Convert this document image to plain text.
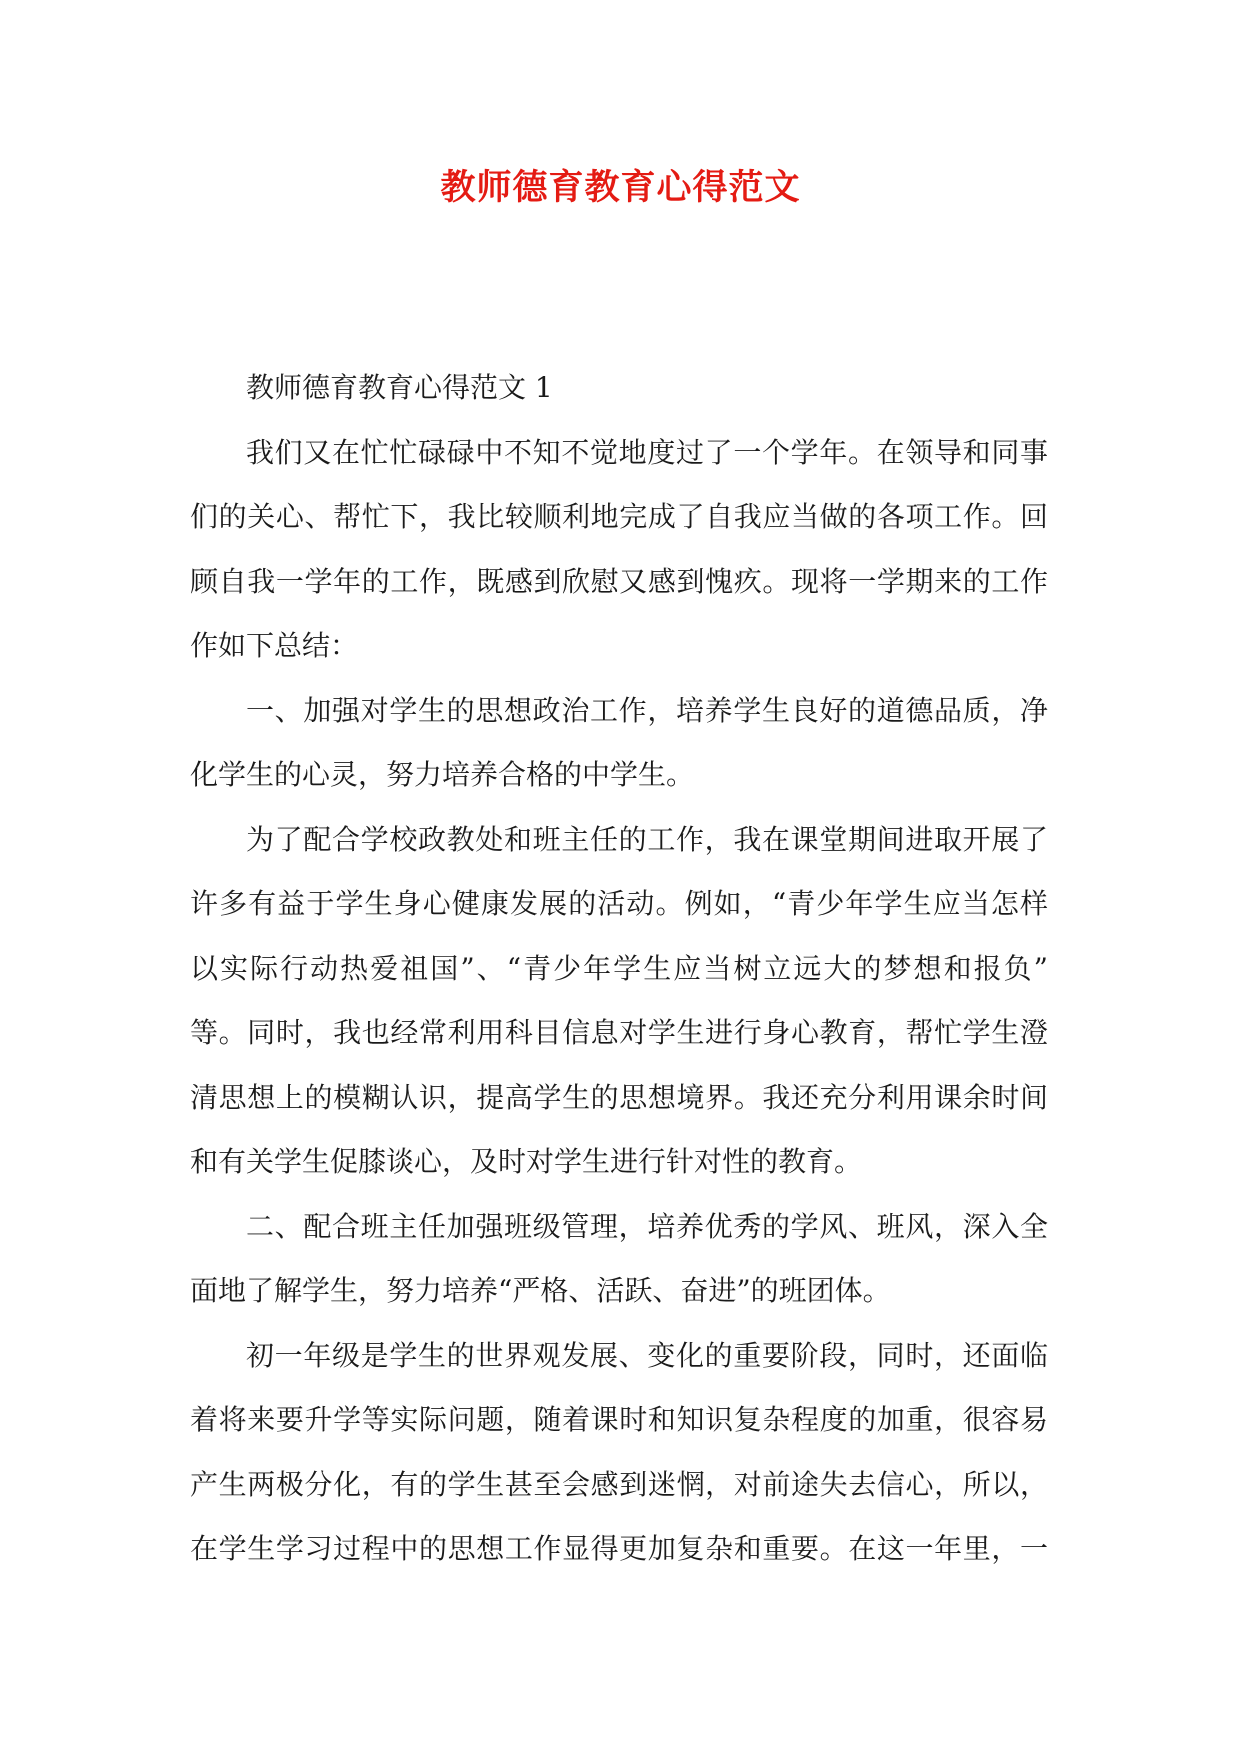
教师德育教育心得范文
教师德育教育心得范文 1
我们又在忙忙碌碌中不知不觉地度过了一个学年。在领导和同事
们的关心、帮忙下，我比较顺利地完成了自我应当做的各项工作。回
顾自我一学年的工作，既感到欣慰又感到愧疚。现将一学期来的工作
作如下总结：
一、加强对学生的思想政治工作，培养学生良好的道德品质，净
化学生的心灵，努力培养合格的中学生。
为了配合学校政教处和班主任的工作，我在课堂期间进取开展了
许多有益于学生身心健康发展的活动。例如，“青少年学生应当怎样
以实际行动热爱祖国”、“青少年学生应当树立远大的梦想和报负”
等。同时，我也经常利用科目信息对学生进行身心教育，帮忙学生澄
清思想上的模糊认识，提高学生的思想境界。我还充分利用课余时间
和有关学生促膝谈心，及时对学生进行针对性的教育。
二、配合班主任加强班级管理，培养优秀的学风、班风，深入全
面地了解学生，努力培养“严格、活跃、奋进”的班团体。
初一年级是学生的世界观发展、变化的重要阶段，同时，还面临
着将来要升学等实际问题，随着课时和知识复杂程度的加重，很容易
产生两极分化，有的学生甚至会感到迷惘，对前途失去信心，所以，
在学生学习过程中的思想工作显得更加复杂和重要。在这一年里，一
